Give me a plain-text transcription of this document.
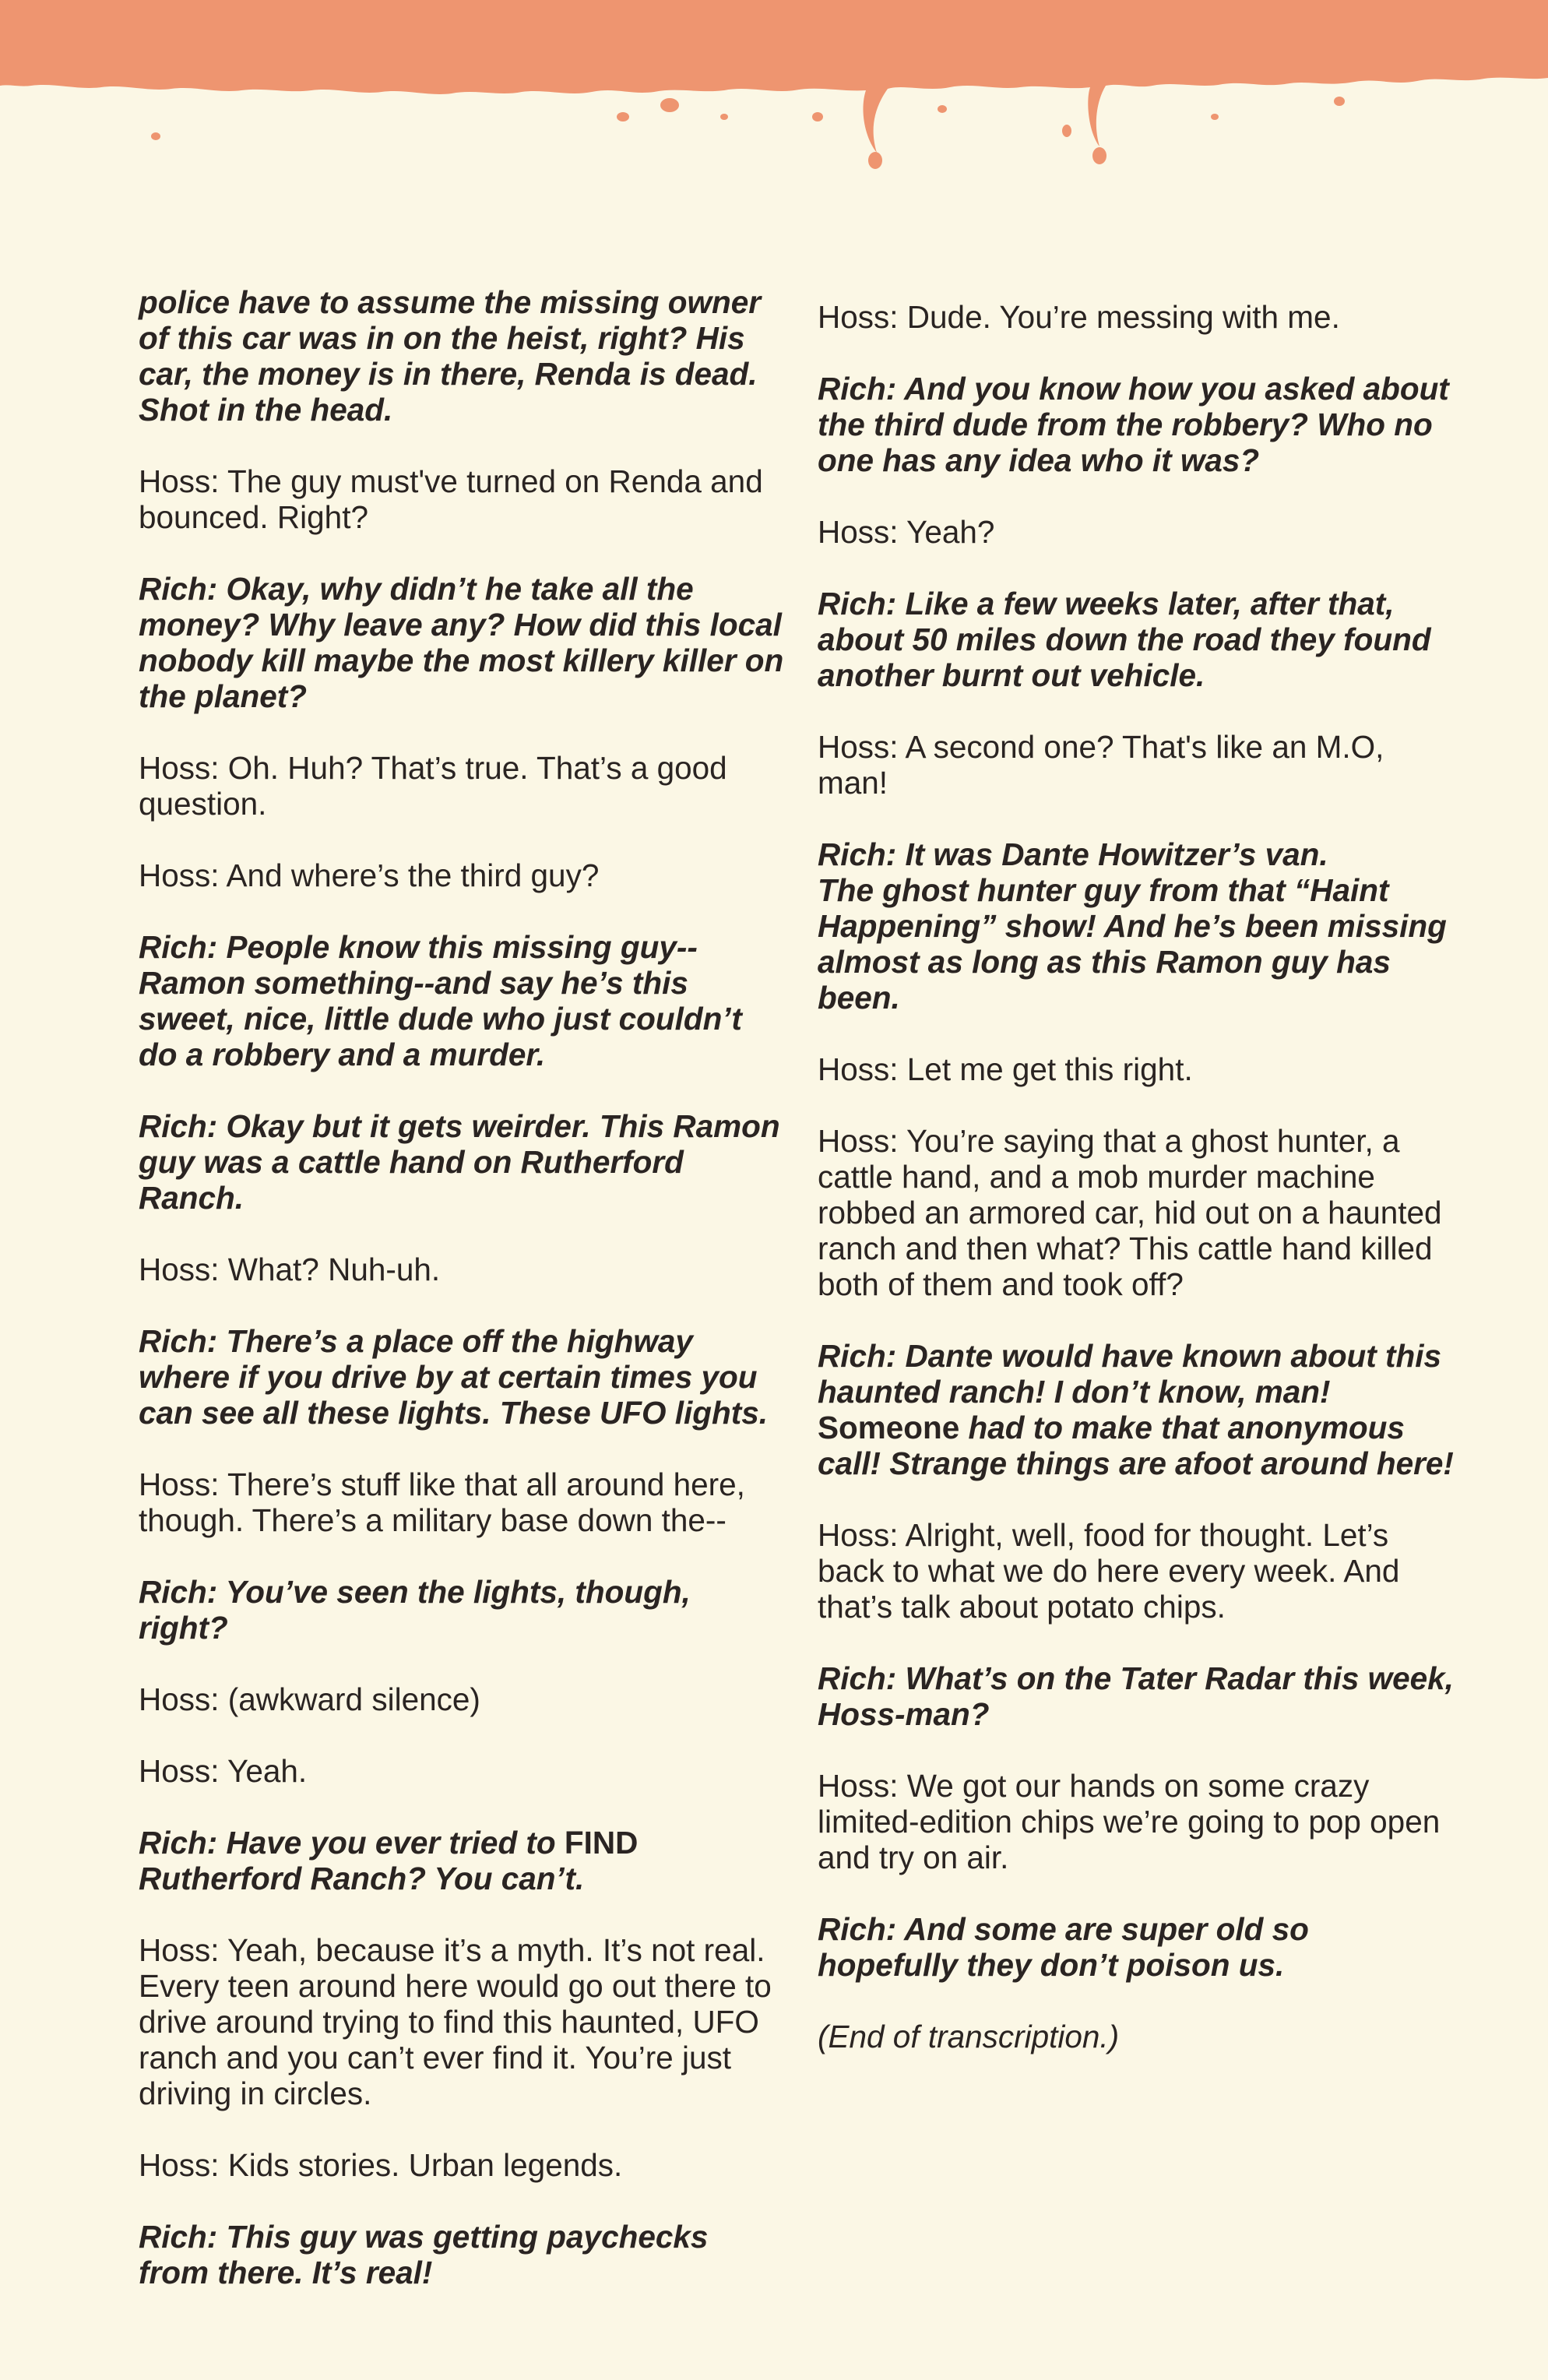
police have to assume the missing owner of this car was in on the heist, right? His car, the money is in there, Renda is dead. Shot in the head.

Hoss: The guy must've turned on Renda and bounced. Right?

Rich: Okay, why didn’t he take all the money? Why leave any? How did this local nobody kill maybe the most killery killer on the planet?

Hoss: Oh. Huh? That’s true. That’s a good question.

Hoss: And where’s the third guy?

Rich: People know this missing guy--Ramon something--and say he’s this sweet, nice, little dude who just couldn’t do a robbery and a murder.

Rich: Okay but it gets weirder. This Ramon guy was a cattle hand on Rutherford Ranch.

Hoss: What? Nuh-uh.

Rich: There’s a place off the highway where if you drive by at certain times you can see all these lights. These UFO lights.

Hoss: There’s stuff like that all around here, though. There’s a military base down the--

Rich: You’ve seen the lights, though, right?

Hoss: (awkward silence)

Hoss: Yeah.

Rich: Have you ever tried to FIND Rutherford Ranch? You can’t.

Hoss: Yeah, because it’s a myth. It’s not real. Every teen around here would go out there to drive around trying to find this haunted, UFO ranch and you can’t ever find it. You’re just driving in circles.

Hoss: Kids stories. Urban legends.

Rich: This guy was getting paychecks from there. It’s real!

Hoss: Dude. You’re messing with me.

Rich: And you know how you asked about the third dude from the robbery? Who no one has any idea who it was?

Hoss: Yeah?

Rich: Like a few weeks later, after that, about 50 miles down the road they found another burnt out vehicle.

Hoss: A second one? That's like an M.O, man!

Rich: It was Dante Howitzer’s van.
The ghost hunter guy from that “Haint Happening” show! And he’s been missing almost as long as this Ramon guy has been.

Hoss: Let me get this right.

Hoss: You’re saying that a ghost hunter, a cattle hand, and a mob murder machine robbed an armored car, hid out on a haunted ranch and then what? This cattle hand killed both of them and took off?

Rich: Dante would have known about this haunted ranch! I don’t know, man! Someone had to make that anonymous call! Strange things are afoot around here!

Hoss: Alright, well, food for thought. Let’s back to what we do here every week. And that’s talk about potato chips.

Rich: What’s on the Tater Radar this week, Hoss-man?

Hoss: We got our hands on some crazy limited-edition chips we’re going to pop open and try on air.

Rich: And some are super old so hopefully they don’t poison us.

(End of transcription.)
